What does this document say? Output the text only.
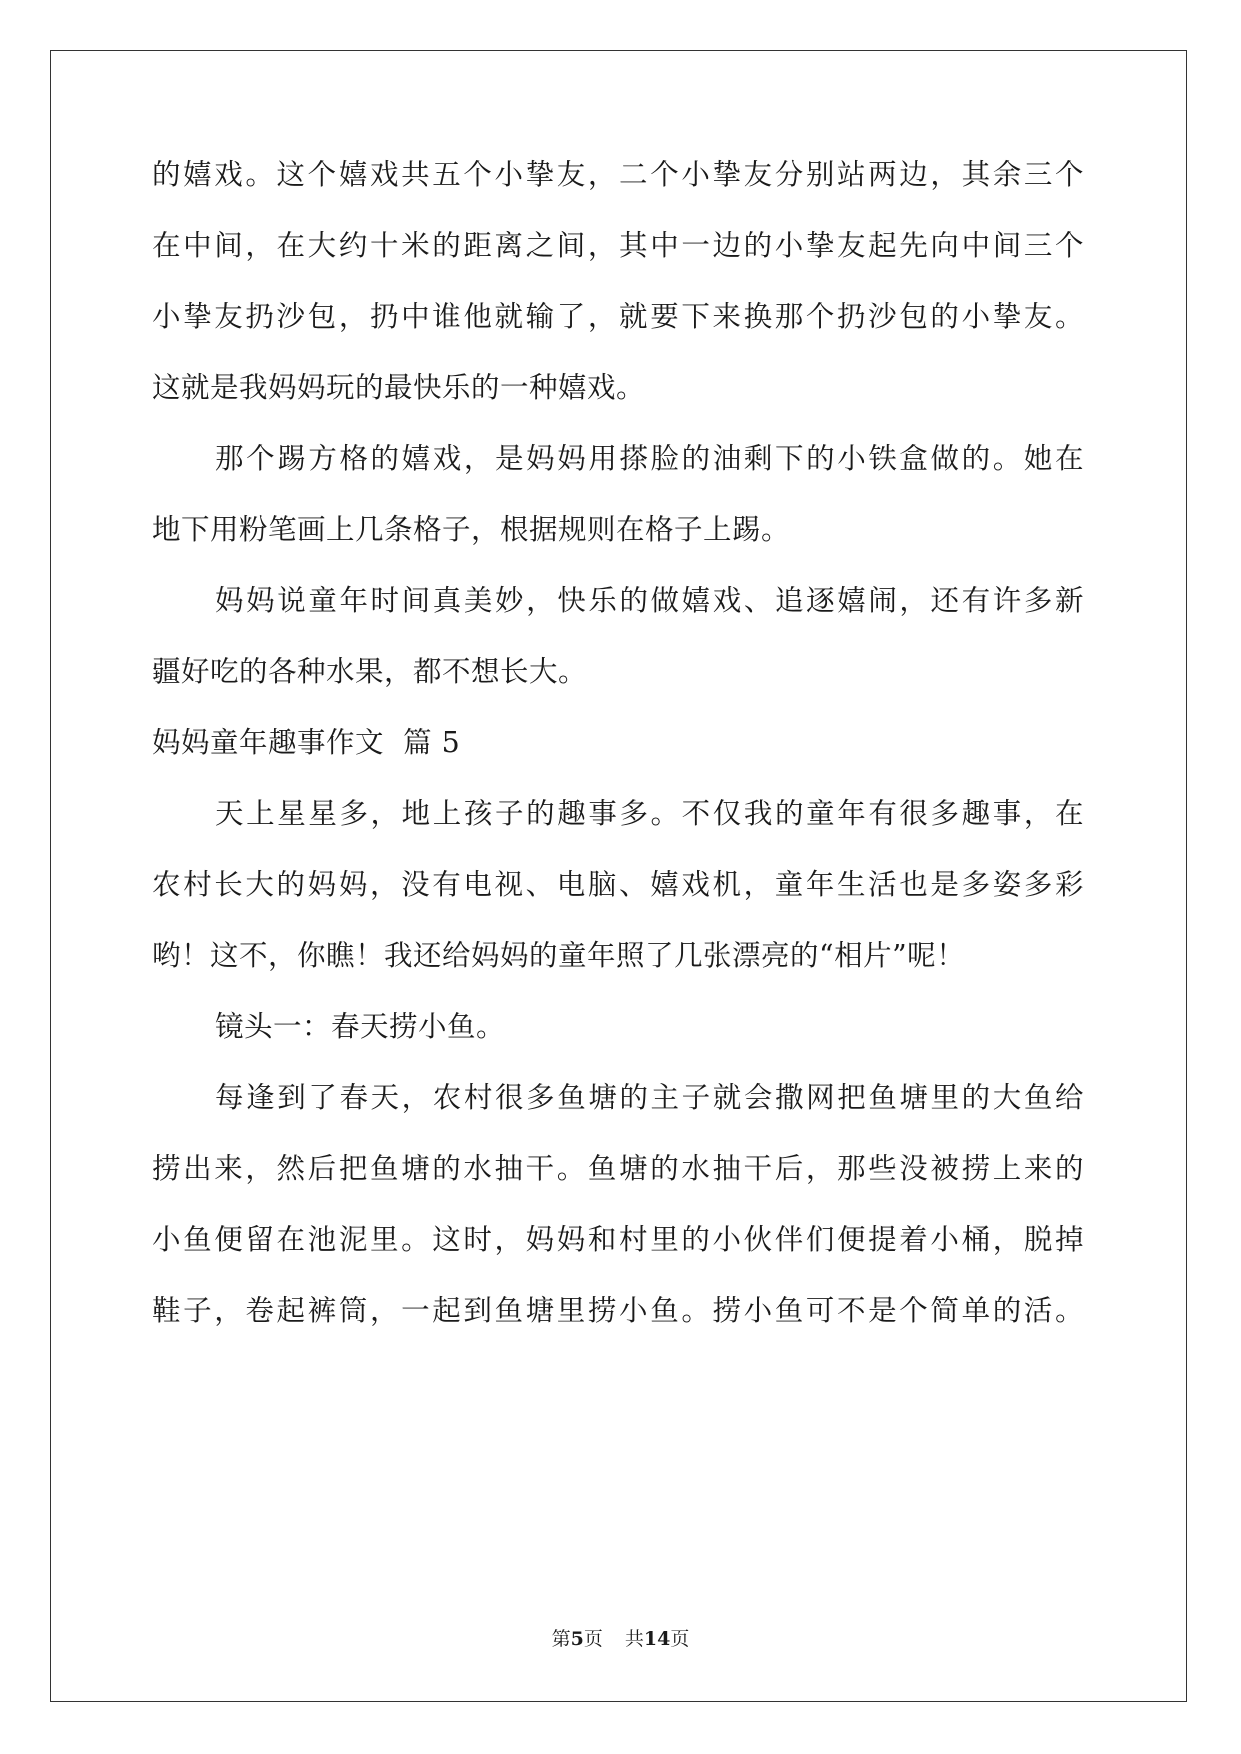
的嬉戏。这个嬉戏共五个小挚友，二个小挚友分别站两边，其余三个
在中间，在大约十米的距离之间，其中一边的小挚友起先向中间三个
小挚友扔沙包，扔中谁他就输了，就要下来换那个扔沙包的小挚友。
这就是我妈妈玩的最快乐的一种嬉戏。
那个踢方格的嬉戏，是妈妈用搽脸的油剩下的小铁盒做的。她在
地下用粉笔画上几条格子，根据规则在格子上踢。
妈妈说童年时间真美妙，快乐的做嬉戏、追逐嬉闹，还有许多新
疆好吃的各种水果，都不想长大。
妈妈童年趣事作文  篇 5
天上星星多，地上孩子的趣事多。不仅我的童年有很多趣事，在
农村长大的妈妈，没有电视、电脑、嬉戏机，童年生活也是多姿多彩
哟！这不，你瞧！我还给妈妈的童年照了几张漂亮的“相片”呢！
镜头一：春天捞小鱼。
每逢到了春天，农村很多鱼塘的主子就会撒网把鱼塘里的大鱼给
捞出来，然后把鱼塘的水抽干。鱼塘的水抽干后，那些没被捞上来的
小鱼便留在池泥里。这时，妈妈和村里的小伙伴们便提着小桶，脱掉
鞋子，卷起裤筒，一起到鱼塘里捞小鱼。捞小鱼可不是个简单的活。
第5页 共14页
